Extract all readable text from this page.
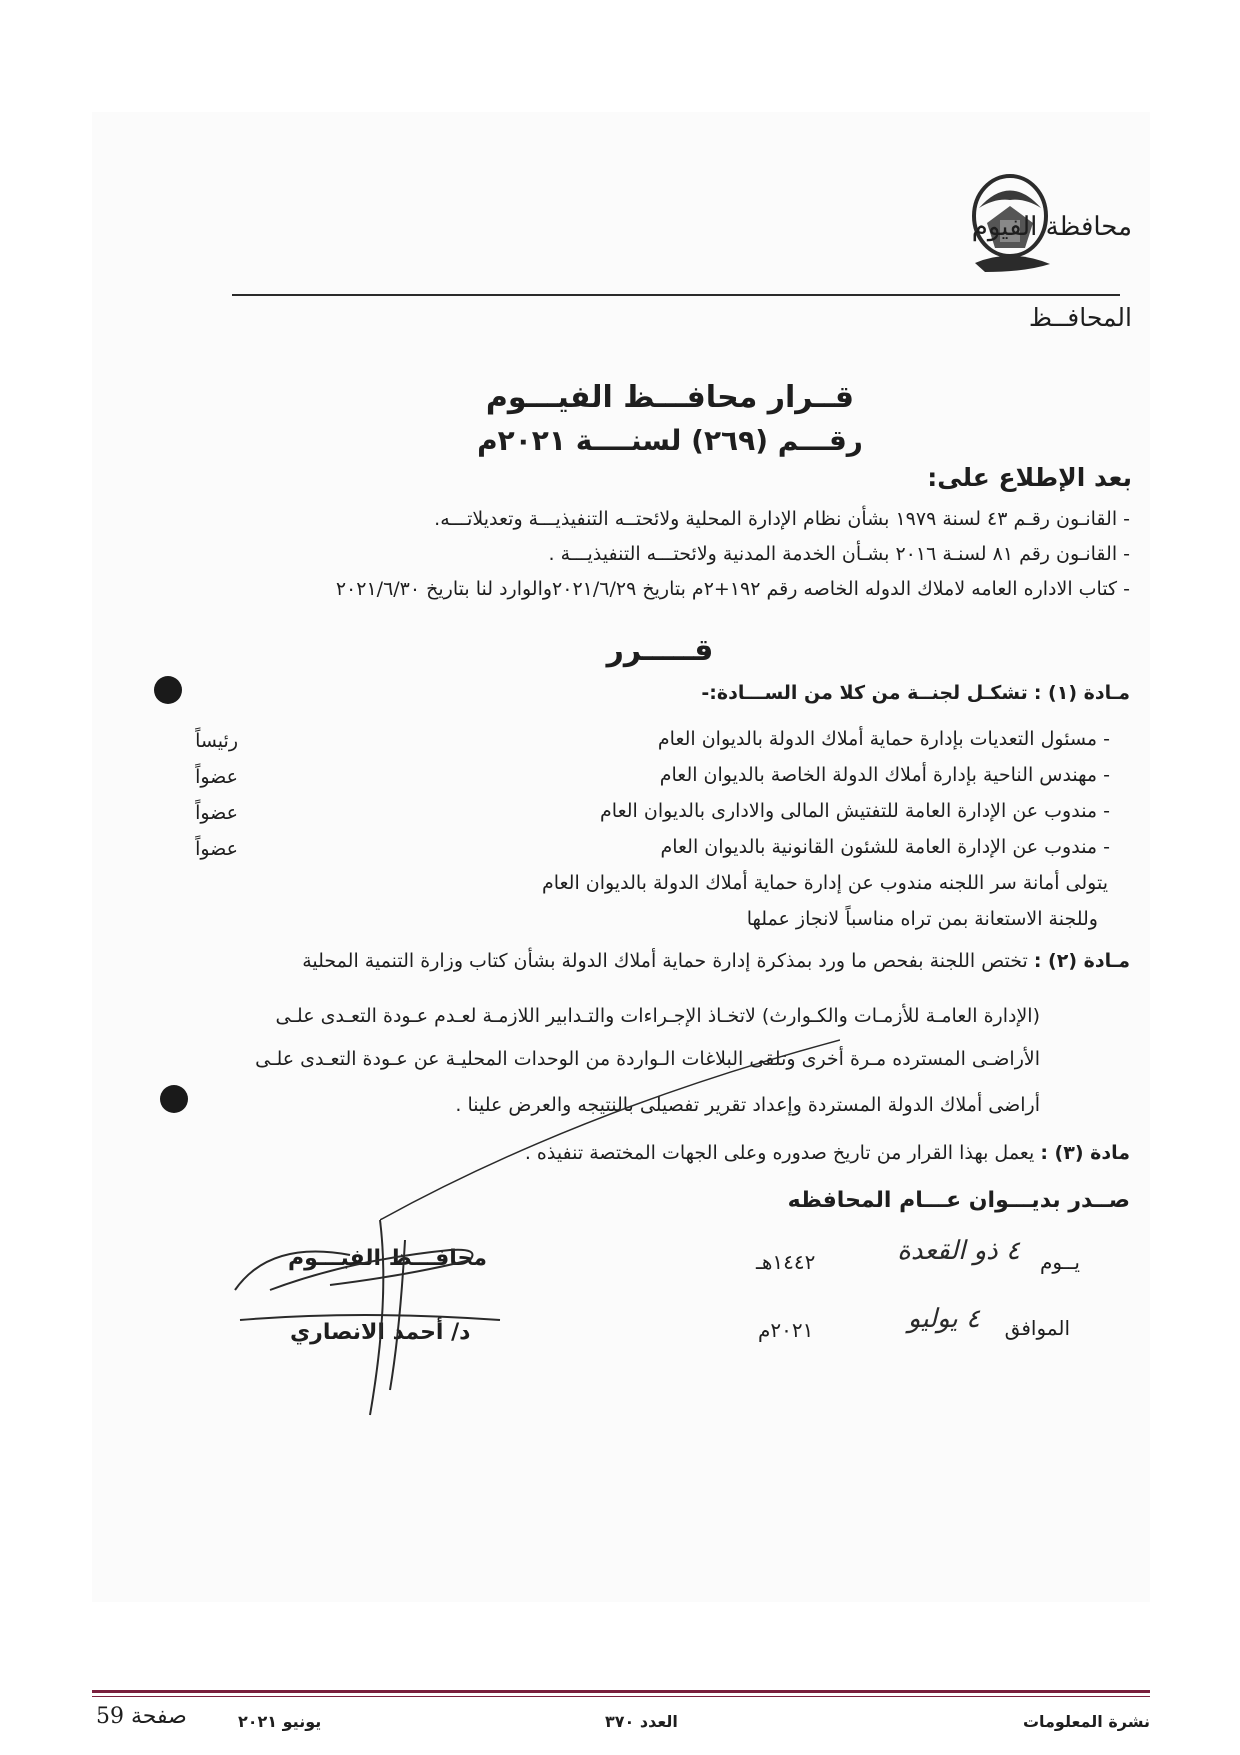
محافظة الفيوم
المحافــظ
قــرار محافـــظ الفيـــوم
رقـــم (٢٦٩) لسنــــة ٢٠٢١م
بعد الإطلاع على:
- القانـون رقـم ٤٣ لسنة ١٩٧٩ بشأن نظام الإدارة المحلية ولائحتــه التنفيذيـــة وتعديلاتـــه.
- القانـون رقم ٨١ لسنـة ٢٠١٦ بشـأن الخدمة المدنية ولائحتـــه التنفيذيـــة .
- كتاب الاداره العامه لاملاك الدوله الخاصه رقم ١٩٢+٢م بتاريخ ٢٠٢١/٦/٢٩والوارد لنا بتاريخ ٢٠٢١/٦/٣٠
قـــــرر
مـادة (١) : تشكـل لجنــة من كلا من الســـادة:-
- مسئول التعديات بإدارة حماية أملاك الدولة بالديوان العام
رئيساً
- مهندس الناحية بإدارة أملاك الدولة الخاصة بالديوان العام
عضواً
- مندوب عن الإدارة العامة للتفتيش المالى والادارى بالديوان العام
عضواً
- مندوب عن الإدارة العامة للشئون القانونية بالديوان العام
عضواً
يتولى أمانة سر اللجنه مندوب عن إدارة حماية أملاك الدولة بالديوان العام
وللجنة الاستعانة بمن تراه مناسباً لانجاز عملها
مـادة (٢) : تختص اللجنة بفحص ما ورد بمذكرة إدارة حماية أملاك الدولة بشأن كتاب وزارة التنمية المحلية
(الإدارة العامـة للأزمـات والكـوارث) لاتخـاذ الإجـراءات والتـدابير اللازمـة لعـدم عـودة التعـدى علـى
الأراضـى المسترده مـرة أخرى وتلقى البلاغات الـواردة من الوحدات المحليـة عن عـودة التعـدى علـى
أراضى أملاك الدولة المستردة وإعداد تقرير تفصيلى بالنتيجه والعرض علينا .
مادة (٣) : يعمل بهذا القرار من تاريخ صدوره وعلى الجهات المختصة تنفيذه .
صــدر بديـــوان عـــام المحافظه
يــوم
٤ ذو القعدة
١٤٤٢هـ
الموافق
٤ يوليو
٢٠٢١م
محافـــظ الفيـــوم
د/ أحمد الانصاري
نشرة المعلومات
العدد ٣٧٠
يونيو ٢٠٢١
صفحة 59
